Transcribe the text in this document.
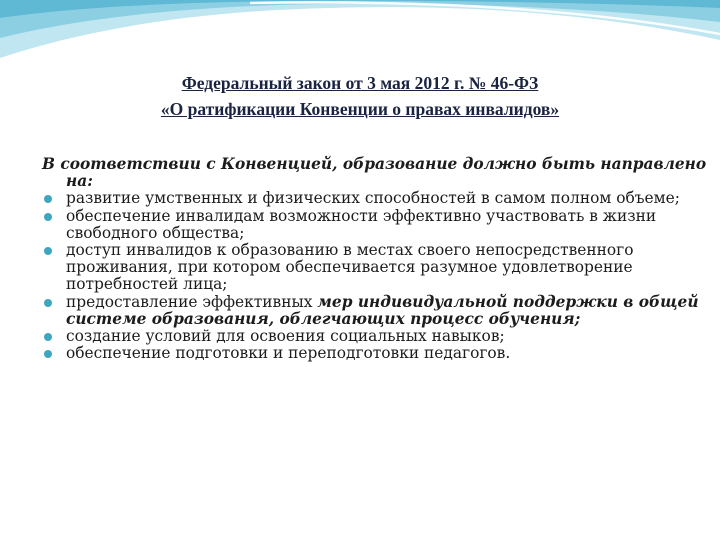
Федеральный закон от 3 мая 2012 г. № 46-ФЗ
«О ратификации Конвенции о правах инвалидов»
В соответствии с Конвенцией, образование должно быть направлено на:
развитие умственных и физических способностей в самом полном объеме;
обеспечение инвалидам возможности эффективно участвовать в жизни свободного общества;
доступ инвалидов к образованию в местах своего непосредственного проживания, при котором обеспечивается разумное удовлетворение потребностей лица;
предоставление эффективных мер индивидуальной поддержки в общей системе образования, облегчающих процесс обучения;
создание условий для освоения социальных навыков;
обеспечение подготовки и переподготовки педагогов.
